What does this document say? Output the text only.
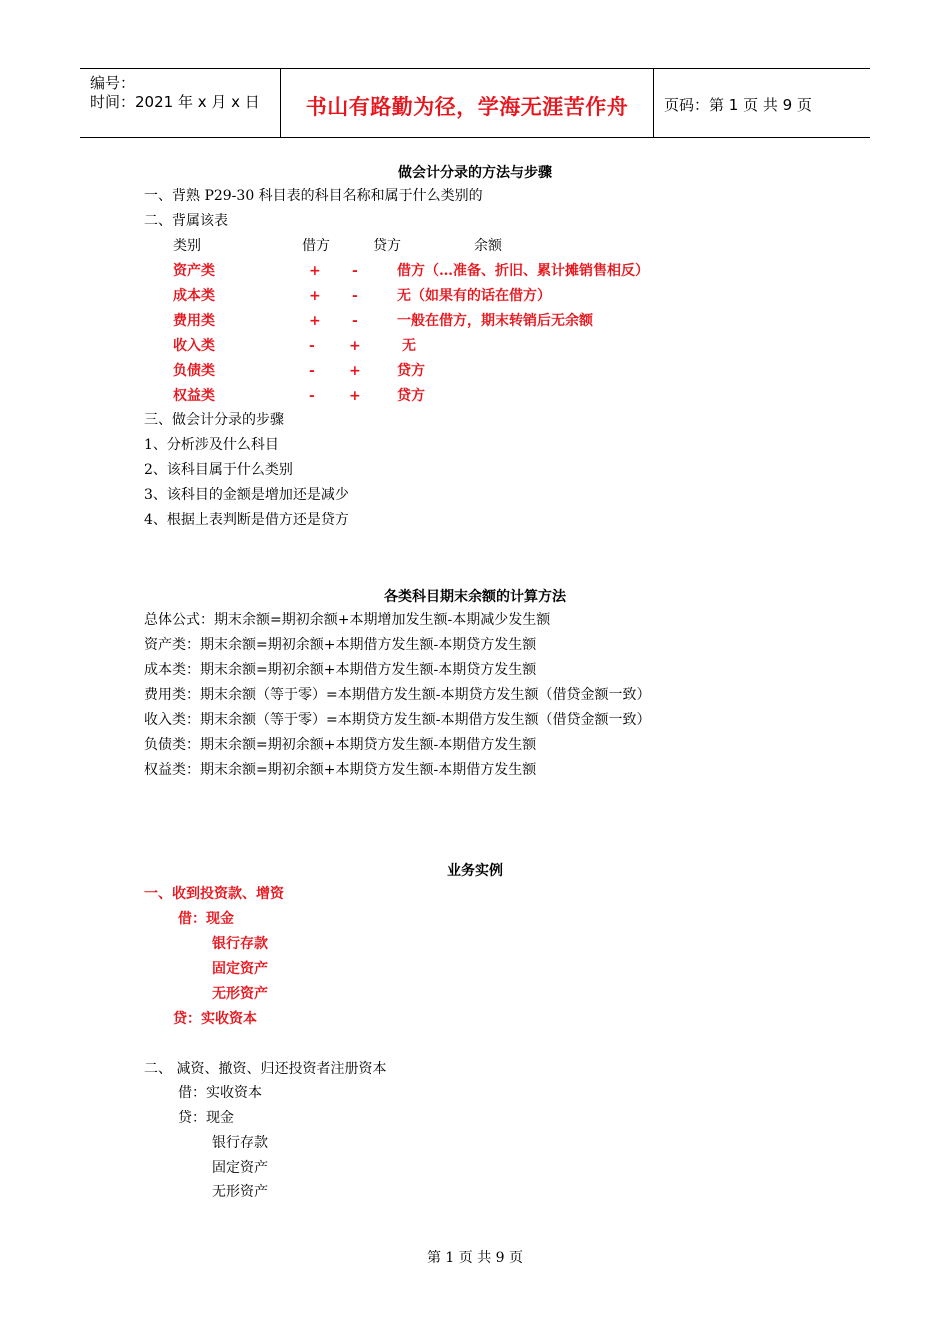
编号：
时间：2021 年 x 月 x 日	书山有路勤为径，学海无涯苦作舟	页码：第 1 页 共 9 页
做会计分录的方法与步骤
一、背熟 P29-30 科目表的科目名称和属于什么类别的
二、背属该表
类别	借方	贷方	余额
资产类	+ -	借方（…准备、折旧、累计摊销售相反）
成本类	+ -	无（如果有的话在借方）
费用类	+ -	一般在借方，期末转销后无余额
收入类	- +	无
负债类	- +	贷方
权益类	- +	贷方
三、做会计分录的步骤
1、分析涉及什么科目
2、该科目属于什么类别
3、该科目的金额是增加还是减少
4、根据上表判断是借方还是贷方
各类科目期末余额的计算方法
总体公式：期末余额=期初余额+本期增加发生额-本期减少发生额
资产类：期末余额=期初余额+本期借方发生额-本期贷方发生额
成本类：期末余额=期初余额+本期借方发生额-本期贷方发生额
费用类：期末余额（等于零）=本期借方发生额-本期贷方发生额（借贷金额一致）
收入类：期末余额（等于零）=本期贷方发生额-本期借方发生额（借贷金额一致）
负债类：期末余额=期初余额+本期贷方发生额-本期借方发生额
权益类：期末余额=期初余额+本期贷方发生额-本期借方发生额
业务实例
一、收到投资款、增资
借：现金
银行存款
固定资产
无形资产
贷：实收资本
二、 减资、撤资、归还投资者注册资本
借：实收资本
贷：现金
银行存款
固定资产
无形资产
第 1 页 共 9 页
